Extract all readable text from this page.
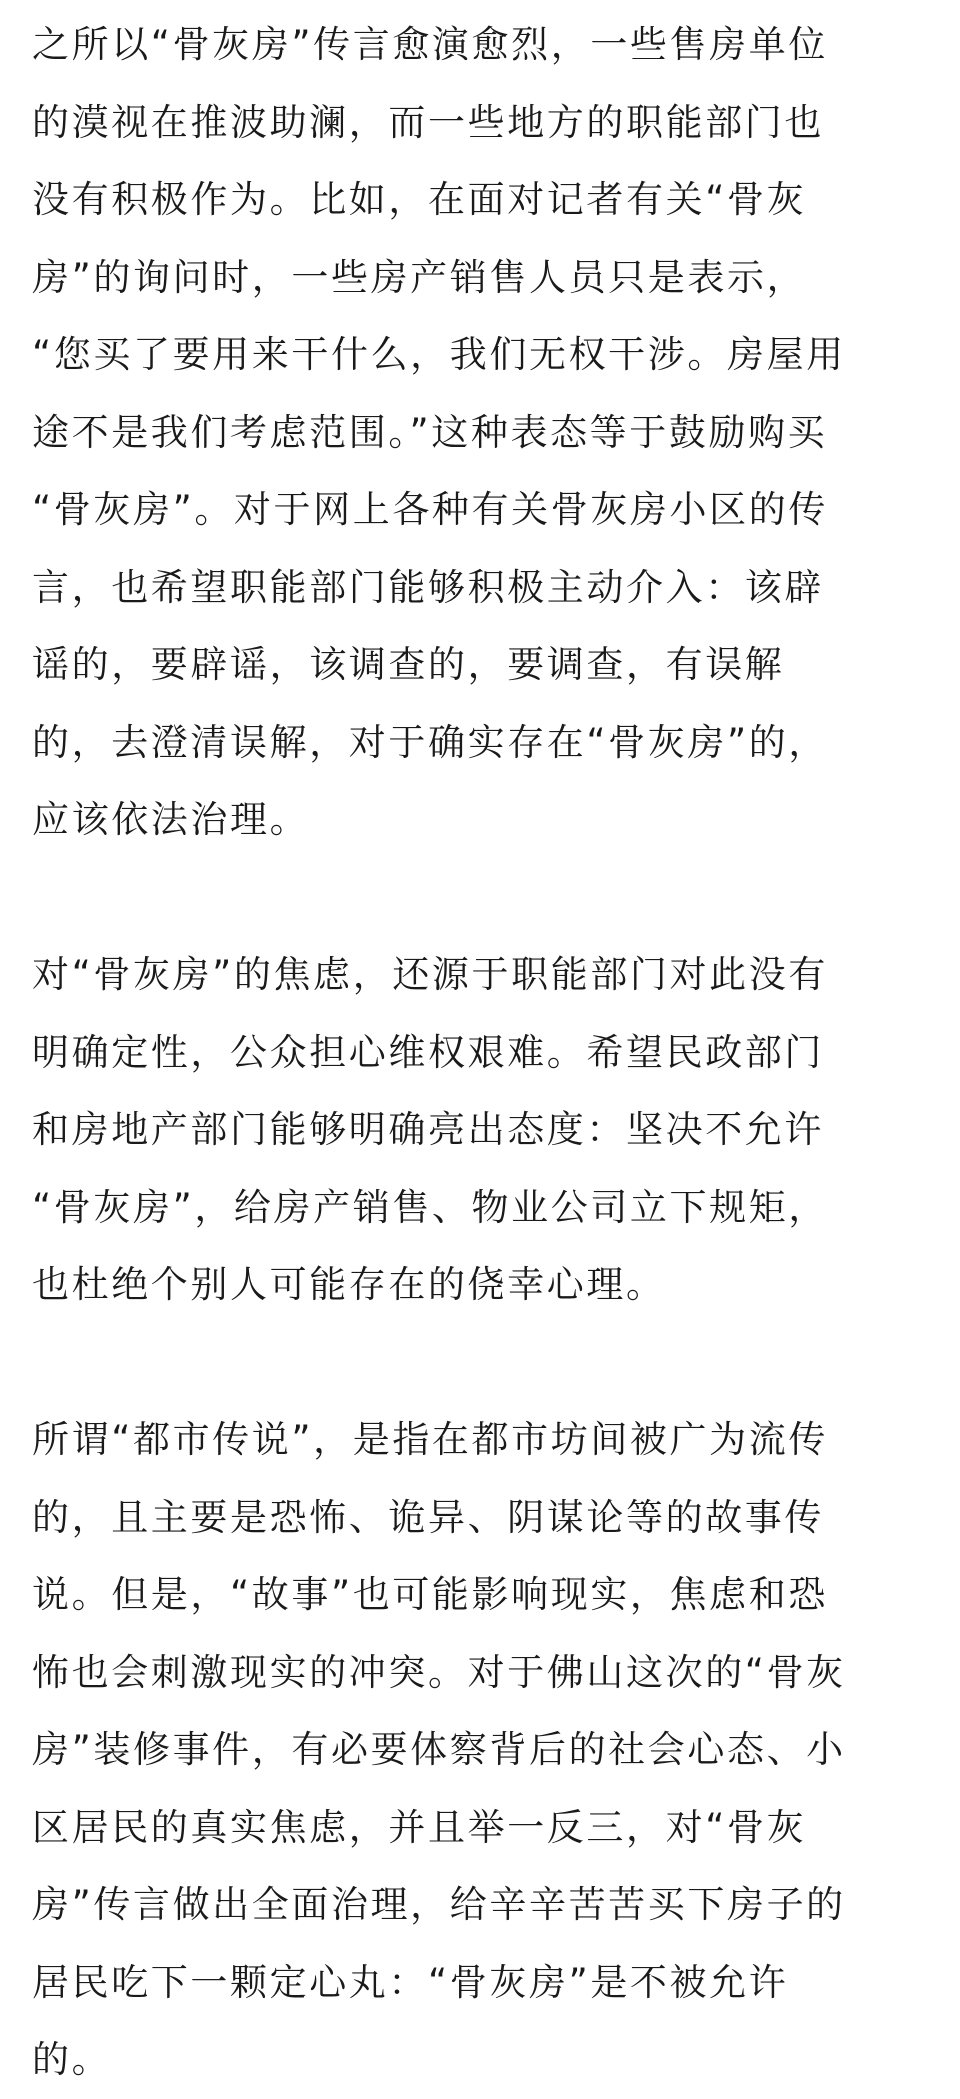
之所以“骨灰房”传言愈演愈烈，一些售房单位
的漠视在推波助澜，而一些地方的职能部门也
没有积极作为。比如，在面对记者有关“骨灰
房”的询问时，一些房产销售人员只是表示，
“您买了要用来干什么，我们无权干涉。房屋用
途不是我们考虑范围。”这种表态等于鼓励购买
“骨灰房”。对于网上各种有关骨灰房小区的传
言，也希望职能部门能够积极主动介入：该辟
谣的，要辟谣，该调查的，要调查，有误解
的，去澄清误解，对于确实存在“骨灰房”的，
应该依法治理。
对“骨灰房”的焦虑，还源于职能部门对此没有
明确定性，公众担心维权艰难。希望民政部门
和房地产部门能够明确亮出态度：坚决不允许
“骨灰房”，给房产销售、物业公司立下规矩，
也杜绝个别人可能存在的侥幸心理。
所谓“都市传说”，是指在都市坊间被广为流传
的，且主要是恐怖、诡异、阴谋论等的故事传
说。但是，“故事”也可能影响现实，焦虑和恐
怖也会刺激现实的冲突。对于佛山这次的“骨灰
房”装修事件，有必要体察背后的社会心态、小
区居民的真实焦虑，并且举一反三，对“骨灰
房”传言做出全面治理，给辛辛苦苦买下房子的
居民吃下一颗定心丸：“骨灰房”是不被允许
的。
